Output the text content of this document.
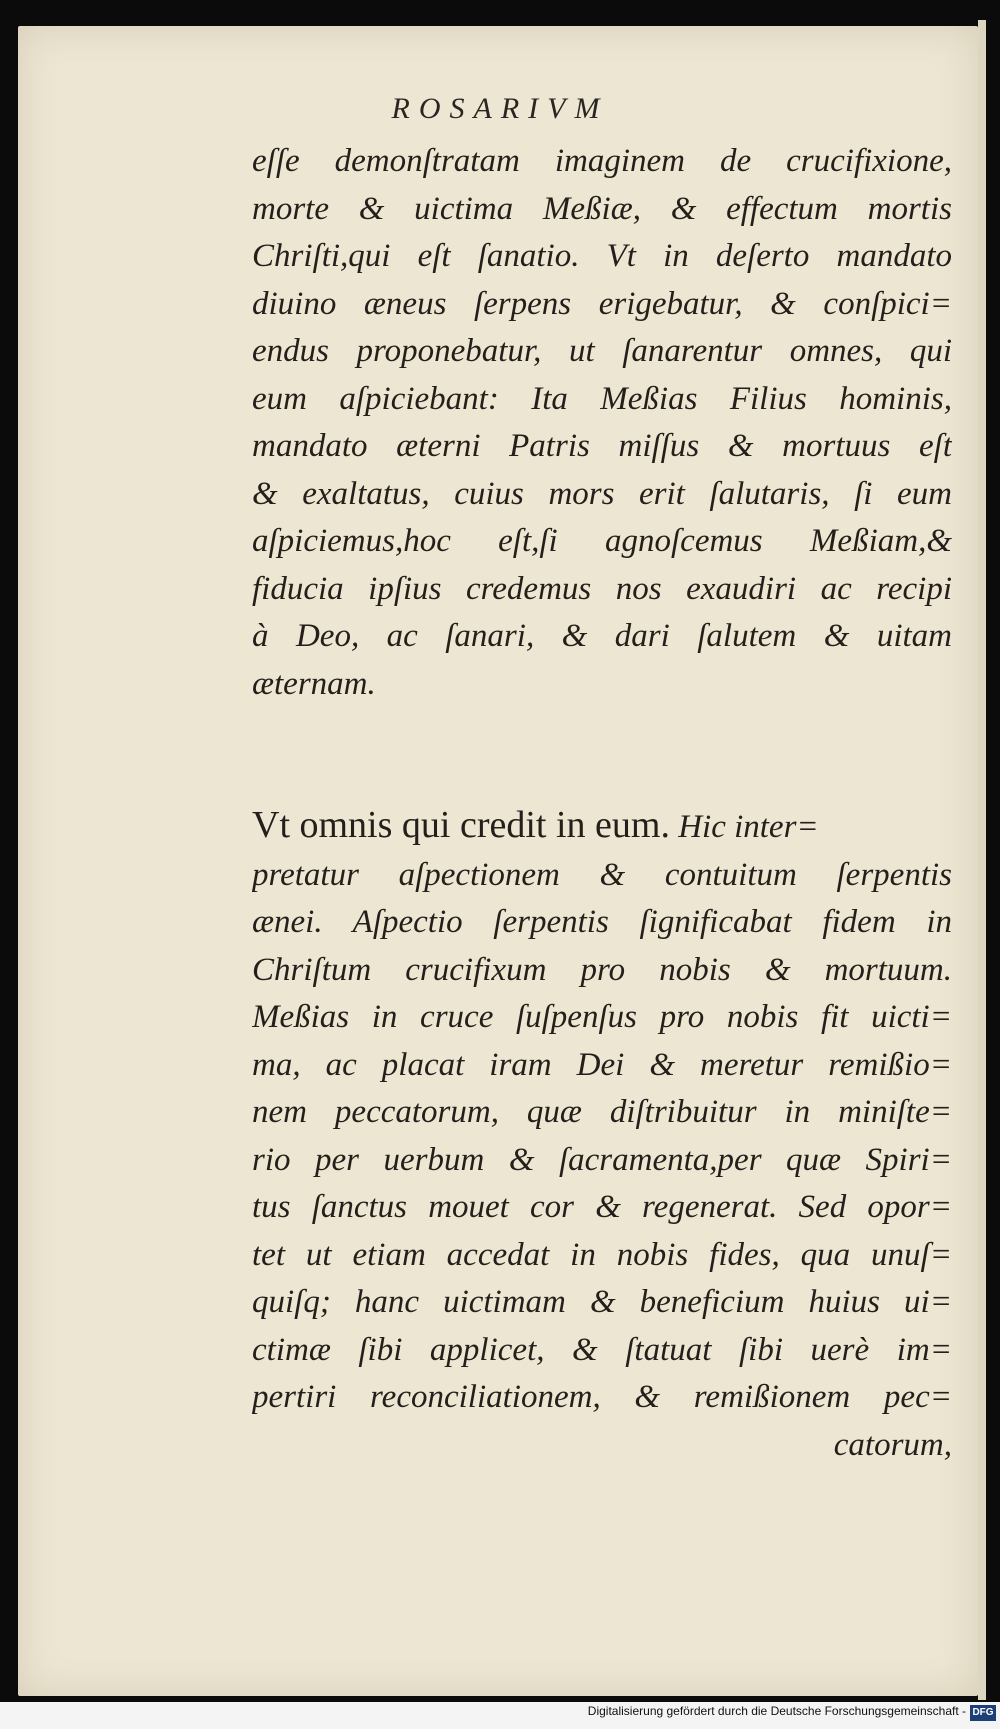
ROSARIVM
eſſe demonſtratam imaginem de crucifixione,
morte & uictima Meßiæ, & effectum mortis
Chriſti,qui eſt ſanatio. Vt in deſerto mandato
diuino æneus ſerpens erigebatur, & conſpici=
endus proponebatur, ut ſanarentur omnes, qui
eum aſpiciebant: Ita Meßias Filius hominis,
mandato æterni Patris miſſus & mortuus eſt
& exaltatus, cuius mors erit ſalutaris, ſi eum
aſpiciemus,hoc eſt,ſi agnoſcemus Meßiam,&
fiducia ipſius credemus nos exaudiri ac recipi
à Deo, ac ſanari, & dari ſalutem & uitam
æternam.
Vt omnis qui credit in eum. Hic inter=
pretatur aſpectionem & contuitum ſerpentis
ænei. Aſpectio ſerpentis ſignificabat fidem in
Chriſtum crucifixum pro nobis & mortuum.
Meßias in cruce ſuſpenſus pro nobis fit uicti=
ma, ac placat iram Dei & meretur remißio=
nem peccatorum, quæ diſtribuitur in miniſte=
rio per uerbum & ſacramenta,per quæ Spiri=
tus ſanctus mouet cor & regenerat. Sed opor=
tet ut etiam accedat in nobis fides, qua unuſ=
quiſq; hanc uictimam & beneficium huius ui=
ctimæ ſibi applicet, & ſtatuat ſibi uerè im=
pertiri reconciliationem, & remißionem pec=
catorum,
Digitalisierung gefördert durch die Deutsche Forschungsgemeinschaft - DFG
